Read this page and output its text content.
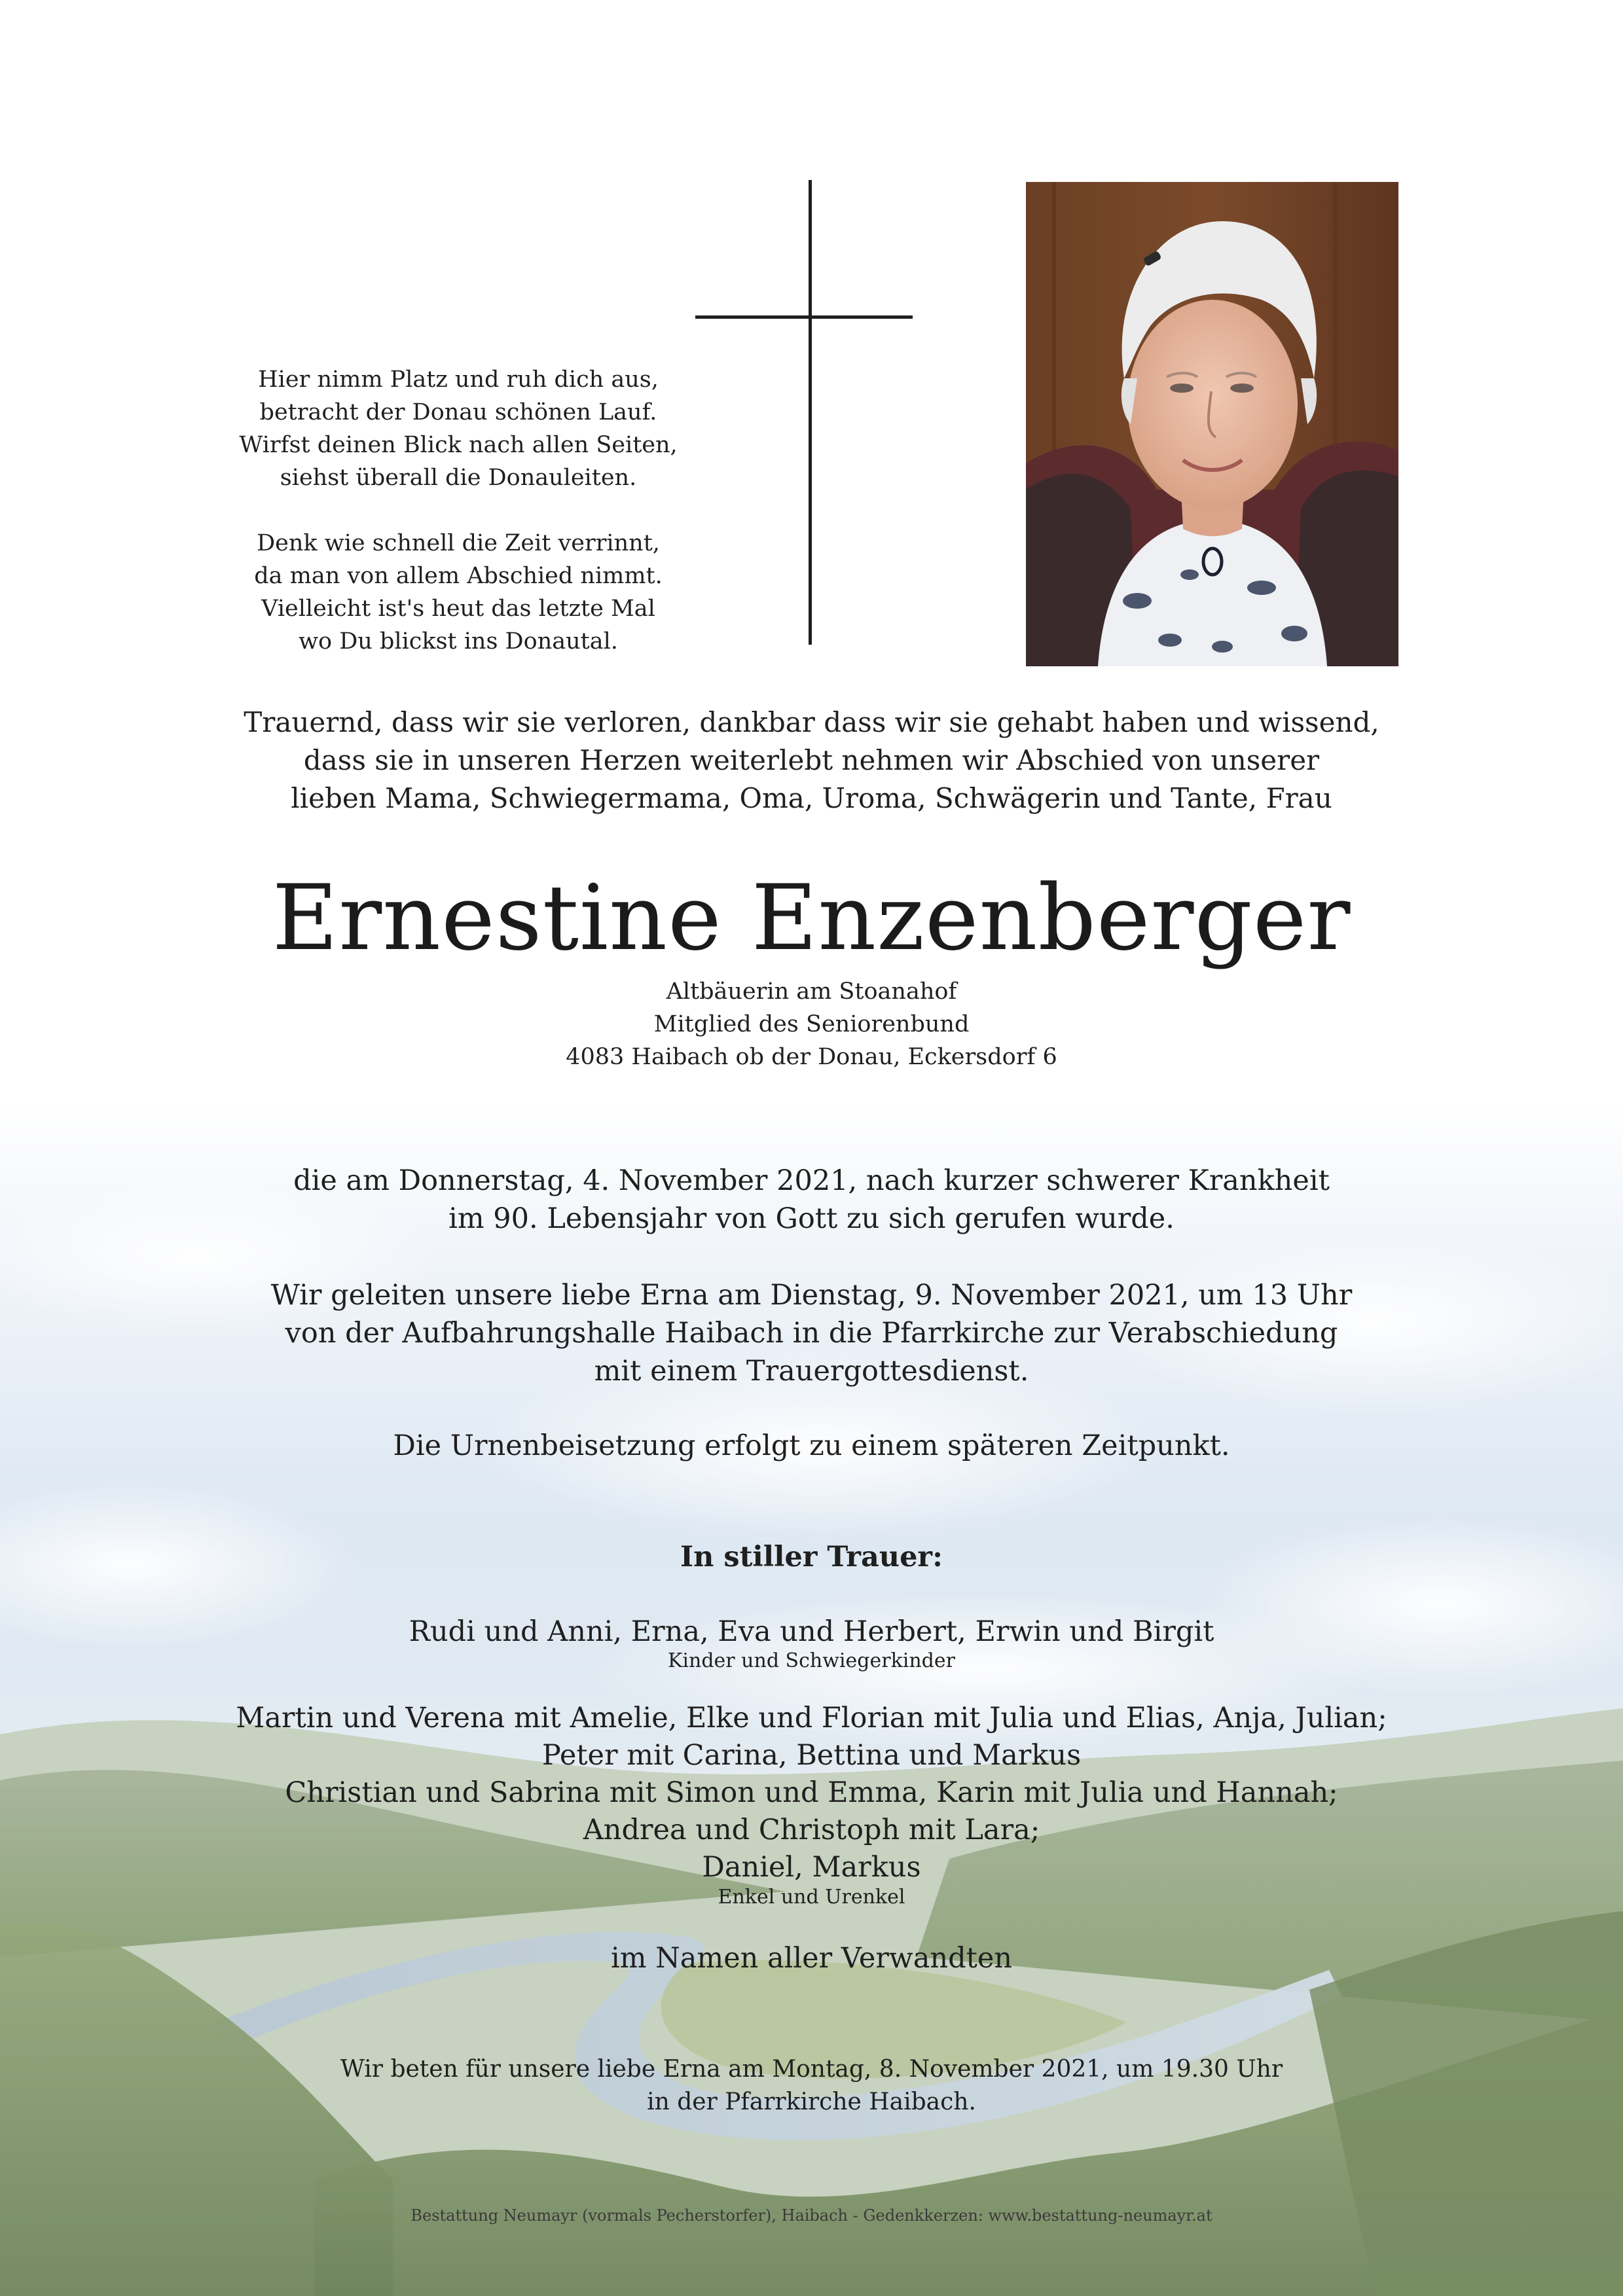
Hier nimm Platz und ruh dich aus,
betracht der Donau schönen Lauf.
Wirfst deinen Blick nach allen Seiten,
siehst überall die Donauleiten.
Denk wie schnell die Zeit verrinnt,
da man von allem Abschied nimmt.
Vielleicht ist's heut das letzte Mal
wo Du blickst ins Donautal.
Trauernd, dass wir sie verloren, dankbar dass wir sie gehabt haben und wissend,
dass sie in unseren Herzen weiterlebt nehmen wir Abschied von unserer
lieben Mama, Schwiegermama, Oma, Uroma, Schwägerin und Tante, Frau
Ernestine Enzenberger
Altbäuerin am Stoanahof
Mitglied des Seniorenbund
4083 Haibach ob der Donau, Eckersdorf 6
die am Donnerstag, 4. November 2021, nach kurzer schwerer Krankheit
im 90. Lebensjahr von Gott zu sich gerufen wurde.
Wir geleiten unsere liebe Erna am Dienstag, 9. November 2021, um 13 Uhr
von der Aufbahrungshalle Haibach in die Pfarrkirche zur Verabschiedung
mit einem Trauergottesdienst.
Die Urnenbeisetzung erfolgt zu einem späteren Zeitpunkt.
In stiller Trauer:
Rudi und Anni, Erna, Eva und Herbert, Erwin und Birgit
Kinder und Schwiegerkinder
Martin und Verena mit Amelie, Elke und Florian mit Julia und Elias, Anja, Julian;
Peter mit Carina, Bettina und Markus
Christian und Sabrina mit Simon und Emma, Karin mit Julia und Hannah;
Andrea und Christoph mit Lara;
Daniel, Markus
Enkel und Urenkel
im Namen aller Verwandten
Wir beten für unsere liebe Erna am Montag, 8. November 2021, um 19.30 Uhr
in der Pfarrkirche Haibach.
Bestattung Neumayr (vormals Pecherstorfer), Haibach - Gedenkkerzen: www.bestattung-neumayr.at
